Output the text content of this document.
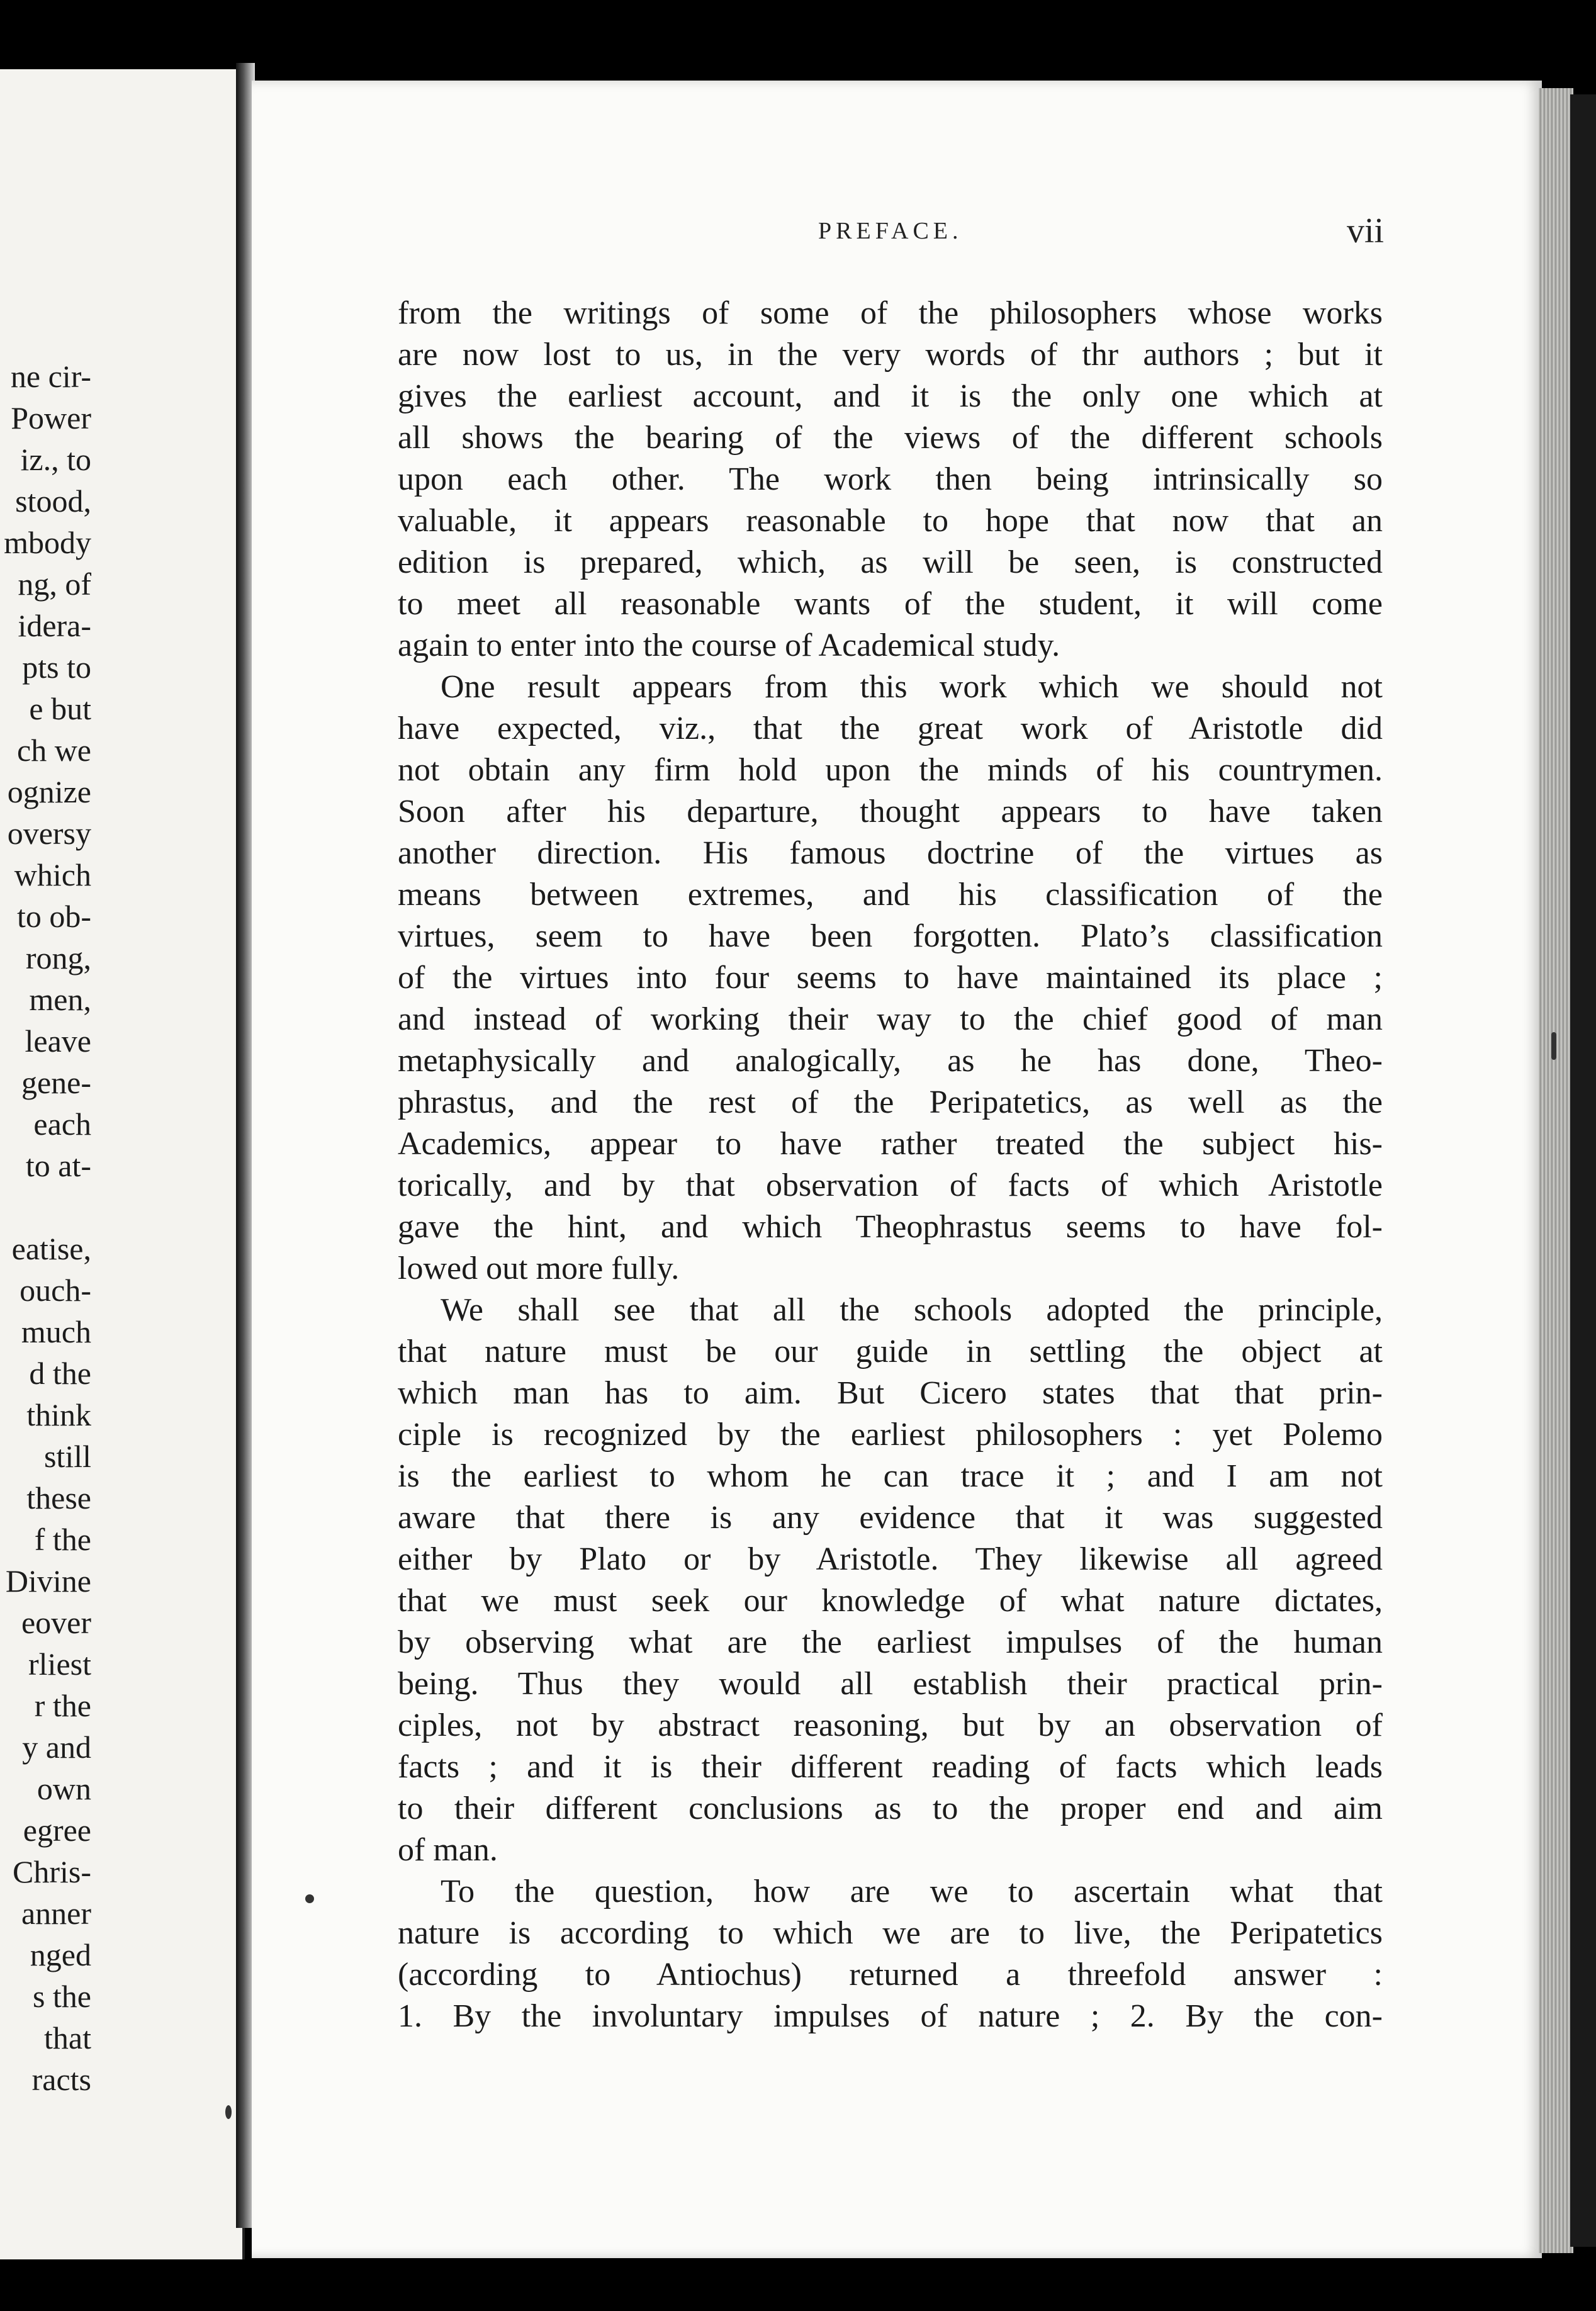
ne cir-
Power
iz., to
stood,
mbody
ng, of
idera-
pts to
e but
ch we
ognize
oversy
which
to ob-
rong,
men,
leave
gene-
each
to at-
eatise,
ouch-
much
d the
think
still
these
f the
Divine
eover
rliest
r the
y and
own
egree
Chris-
anner
nged
s the
that
racts
PREFACE.	vii
from the writings of some of the philosophers whose works
are now lost to us, in the very words of thr authors ; but it
gives the earliest account, and it is the only one which at
all shows the bearing of the views of the different schools
upon each other. The work then being intrinsically so
valuable, it appears reasonable to hope that now that an
edition is prepared, which, as will be seen, is constructed
to meet all reasonable wants of the student, it will come
again to enter into the course of Academical study.
One result appears from this work which we should not
have expected, viz., that the great work of Aristotle did
not obtain any firm hold upon the minds of his countrymen.
Soon after his departure, thought appears to have taken
another direction. His famous doctrine of the virtues as
means between extremes, and his classification of the
virtues, seem to have been forgotten. Plato’s classification
of the virtues into four seems to have maintained its place ;
and instead of working their way to the chief good of man
metaphysically and analogically, as he has done, Theo-
phrastus, and the rest of the Peripatetics, as well as the
Academics, appear to have rather treated the subject his-
torically, and by that observation of facts of which Aristotle
gave the hint, and which Theophrastus seems to have fol-
lowed out more fully.
We shall see that all the schools adopted the principle,
that nature must be our guide in settling the object at
which man has to aim. But Cicero states that that prin-
ciple is recognized by the earliest philosophers : yet Polemo
is the earliest to whom he can trace it ; and I am not
aware that there is any evidence that it was suggested
either by Plato or by Aristotle. They likewise all agreed
that we must seek our knowledge of what nature dictates,
by observing what are the earliest impulses of the human
being. Thus they would all establish their practical prin-
ciples, not by abstract reasoning, but by an observation of
facts ; and it is their different reading of facts which leads
to their different conclusions as to the proper end and aim
of man.
To the question, how are we to ascertain what that
nature is according to which we are to live, the Peripatetics
(according to Antiochus) returned a threefold answer :
1. By the involuntary impulses of nature ; 2. By the con-
